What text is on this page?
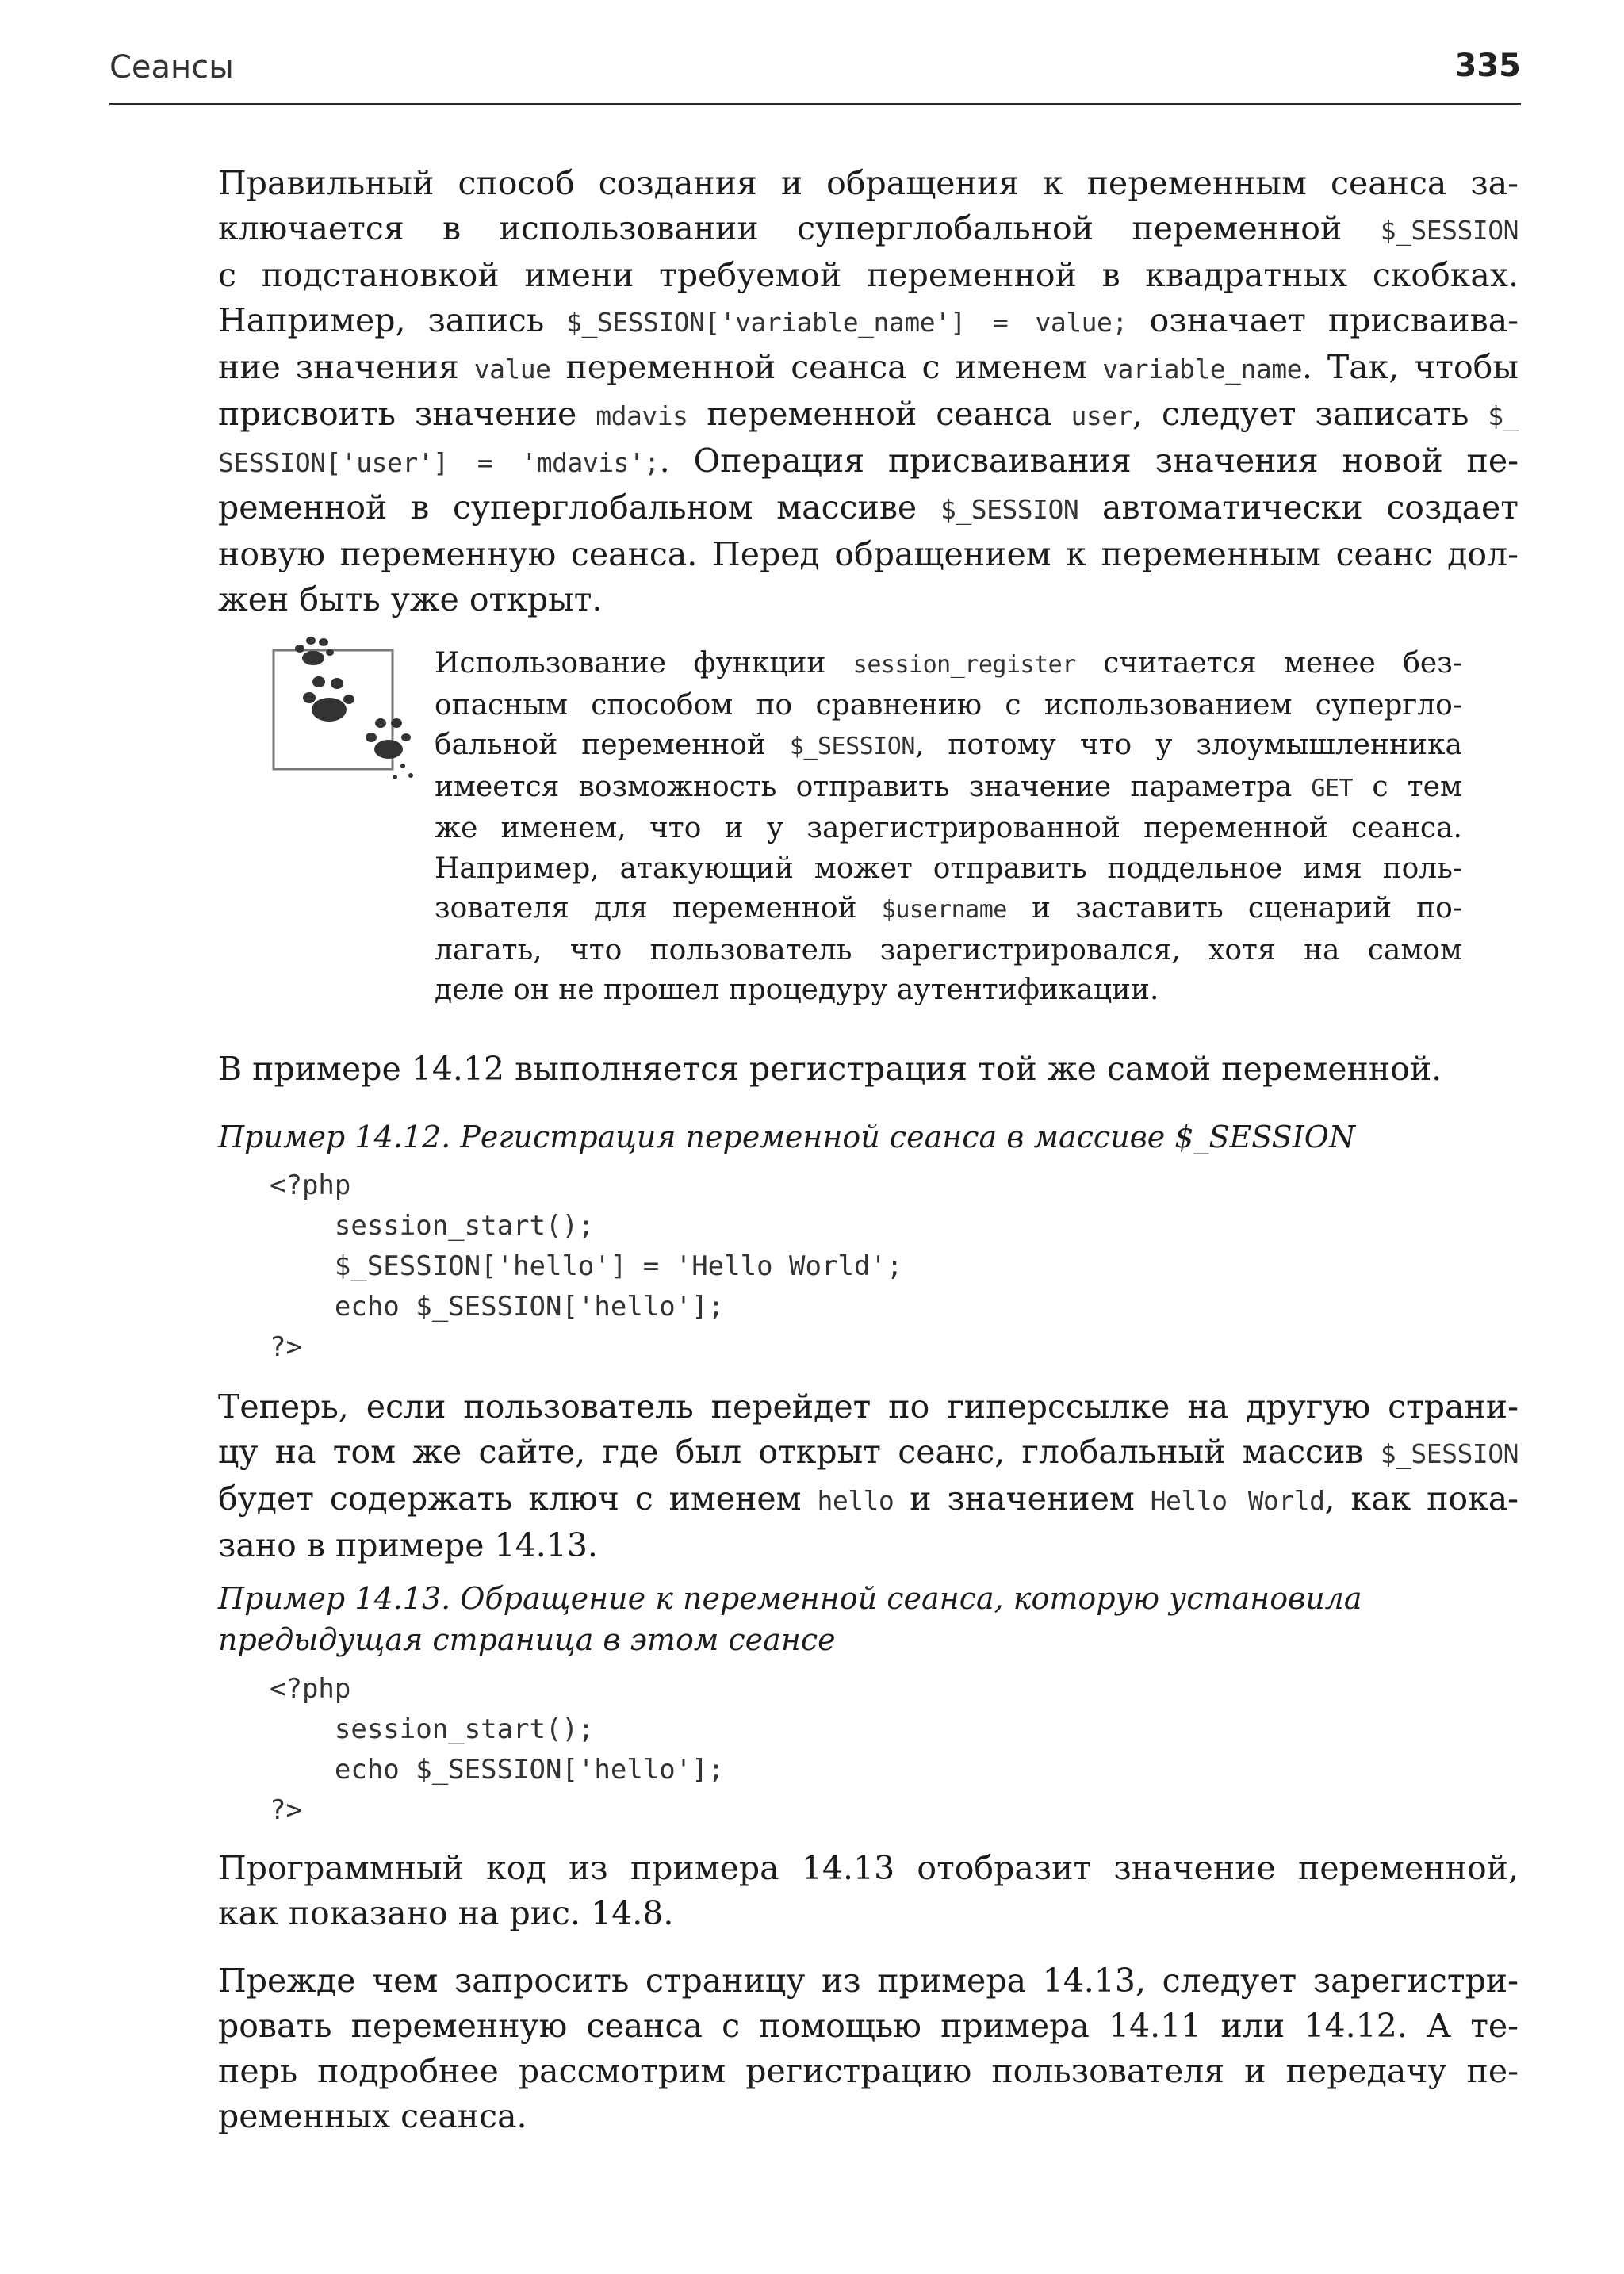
Сеансы	335
Правильный способ создания и обращения к переменным сеанса за-
ключается в использовании суперглобальной переменной $_SESSION
с подстановкой имени требуемой переменной в квадратных скобках.
Например, запись $_SESSION['variable_name'] = value; означает присваива-
ние значения value переменной сеанса с именем variable_name. Так, чтобы
присвоить значение mdavis переменной сеанса user, следует записать $_
SESSION['user'] = 'mdavis';. Операция присваивания значения новой пе-
ременной в суперглобальном массиве $_SESSION автоматически создает
новую переменную сеанса. Перед обращением к переменным сеанс дол-
жен быть уже открыт.
Использование функции session_register считается менее без-
опасным способом по сравнению с использованием супергло-
бальной переменной $_SESSION, потому что у злоумышленника
имеется возможность отправить значение параметра GET с тем
же именем, что и у зарегистрированной переменной сеанса.
Например, атакующий может отправить поддельное имя поль-
зователя для переменной $username и заставить сценарий по-
лагать, что пользователь зарегистрировался, хотя на самом
деле он не прошел процедуру аутентификации.
В примере 14.12 выполняется регистрация той же самой переменной.
Пример 14.12. Регистрация переменной сеанса в массиве $_SESSION
<?php
session_start();
$_SESSION['hello'] = 'Hello World';
echo $_SESSION['hello'];
?>
Теперь, если пользователь перейдет по гиперссылке на другую страни-
цу на том же сайте, где был открыт сеанс, глобальный массив $_SESSION
будет содержать ключ с именем hello и значением Hello World, как пока-
зано в примере 14.13.
Пример 14.13. Обращение к переменной сеанса, которую установила
предыдущая страница в этом сеансе
<?php
session_start();
echo $_SESSION['hello'];
?>
Программный код из примера 14.13 отобразит значение переменной,
как показано на рис. 14.8.
Прежде чем запросить страницу из примера 14.13, следует зарегистри-
ровать переменную сеанса с помощью примера 14.11 или 14.12. А те-
перь подробнее рассмотрим регистрацию пользователя и передачу пе-
ременных сеанса.
